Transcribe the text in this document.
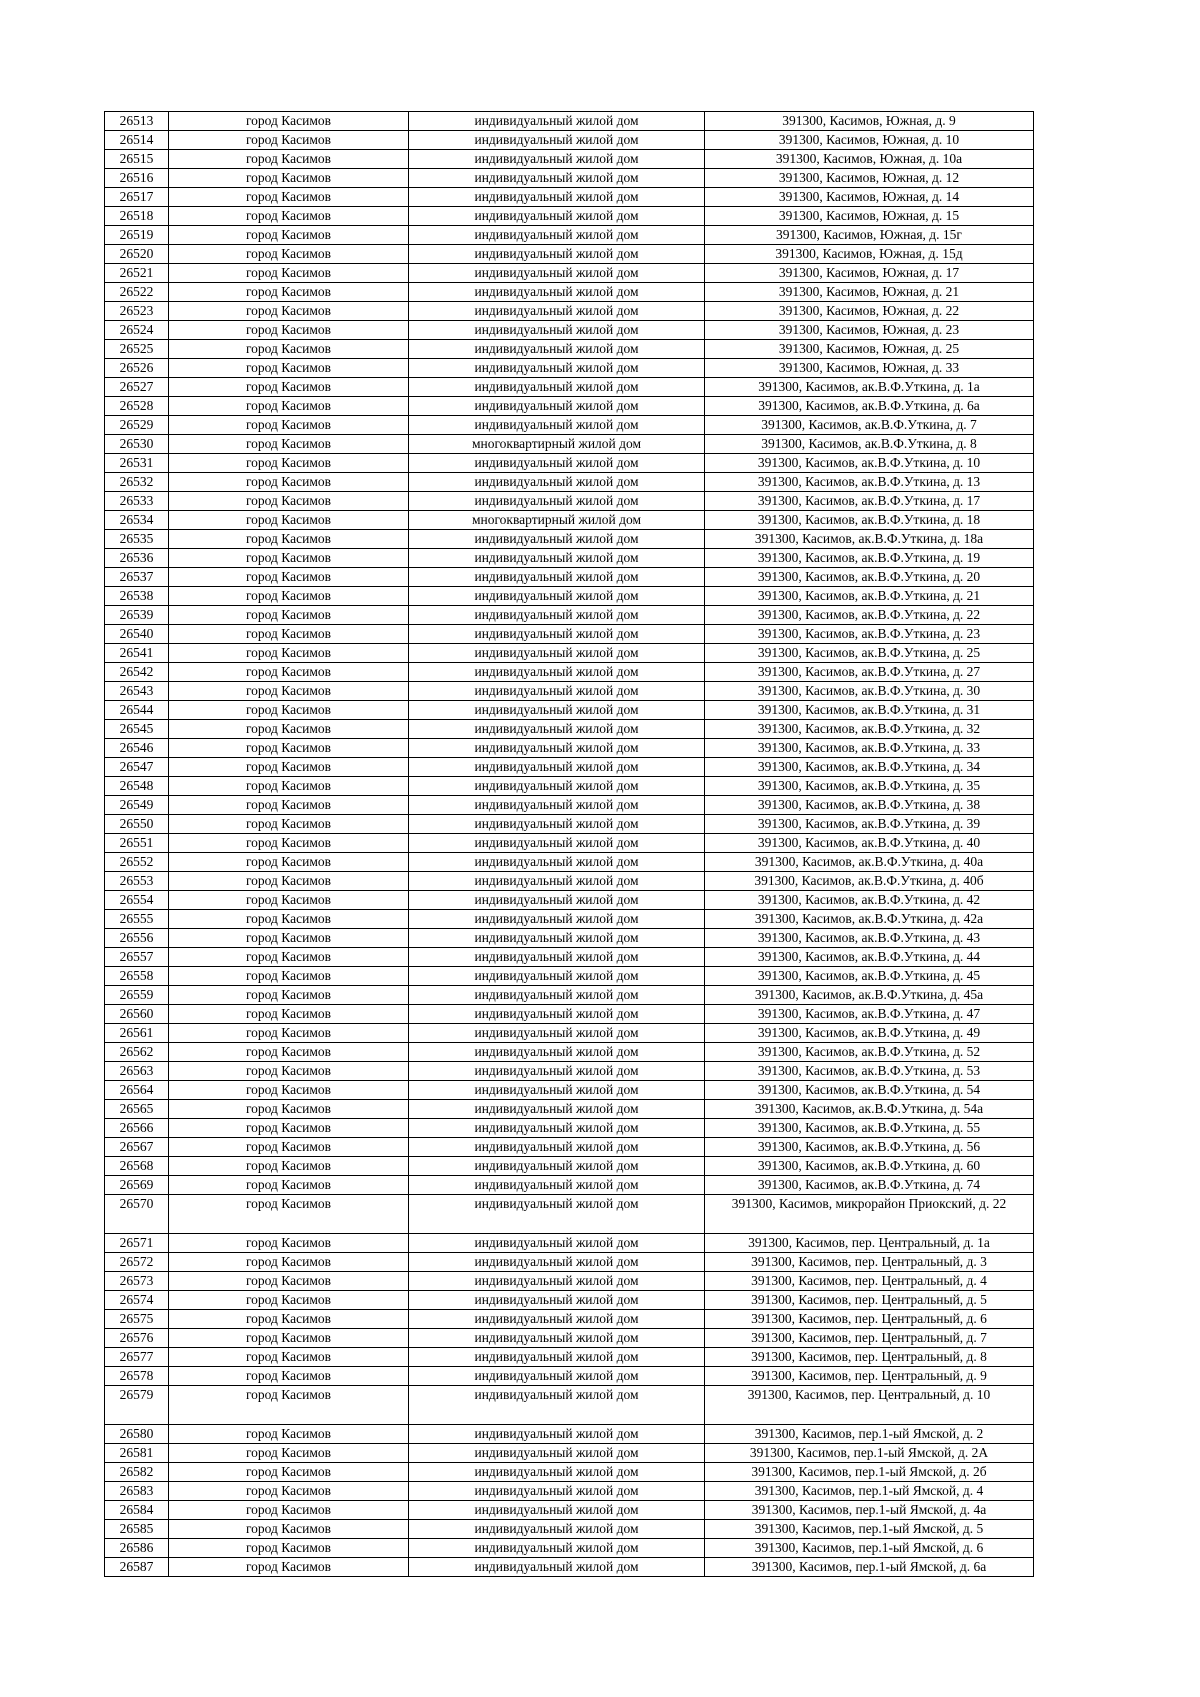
26513	город Касимов	индивидуальный жилой дом	391300, Касимов, Южная, д. 9
26514	город Касимов	индивидуальный жилой дом	391300, Касимов, Южная, д. 10
26515	город Касимов	индивидуальный жилой дом	391300, Касимов, Южная, д. 10а
26516	город Касимов	индивидуальный жилой дом	391300, Касимов, Южная, д. 12
26517	город Касимов	индивидуальный жилой дом	391300, Касимов, Южная, д. 14
26518	город Касимов	индивидуальный жилой дом	391300, Касимов, Южная, д. 15
26519	город Касимов	индивидуальный жилой дом	391300, Касимов, Южная, д. 15г
26520	город Касимов	индивидуальный жилой дом	391300, Касимов, Южная, д. 15д
26521	город Касимов	индивидуальный жилой дом	391300, Касимов, Южная, д. 17
26522	город Касимов	индивидуальный жилой дом	391300, Касимов, Южная, д. 21
26523	город Касимов	индивидуальный жилой дом	391300, Касимов, Южная, д. 22
26524	город Касимов	индивидуальный жилой дом	391300, Касимов, Южная, д. 23
26525	город Касимов	индивидуальный жилой дом	391300, Касимов, Южная, д. 25
26526	город Касимов	индивидуальный жилой дом	391300, Касимов, Южная, д. 33
26527	город Касимов	индивидуальный жилой дом	391300, Касимов, ак.В.Ф.Уткина, д. 1а
26528	город Касимов	индивидуальный жилой дом	391300, Касимов, ак.В.Ф.Уткина, д. 6а
26529	город Касимов	индивидуальный жилой дом	391300, Касимов, ак.В.Ф.Уткина, д. 7
26530	город Касимов	многоквартирный жилой дом	391300, Касимов, ак.В.Ф.Уткина, д. 8
26531	город Касимов	индивидуальный жилой дом	391300, Касимов, ак.В.Ф.Уткина, д. 10
26532	город Касимов	индивидуальный жилой дом	391300, Касимов, ак.В.Ф.Уткина, д. 13
26533	город Касимов	индивидуальный жилой дом	391300, Касимов, ак.В.Ф.Уткина, д. 17
26534	город Касимов	многоквартирный жилой дом	391300, Касимов, ак.В.Ф.Уткина, д. 18
26535	город Касимов	индивидуальный жилой дом	391300, Касимов, ак.В.Ф.Уткина, д. 18а
26536	город Касимов	индивидуальный жилой дом	391300, Касимов, ак.В.Ф.Уткина, д. 19
26537	город Касимов	индивидуальный жилой дом	391300, Касимов, ак.В.Ф.Уткина, д. 20
26538	город Касимов	индивидуальный жилой дом	391300, Касимов, ак.В.Ф.Уткина, д. 21
26539	город Касимов	индивидуальный жилой дом	391300, Касимов, ак.В.Ф.Уткина, д. 22
26540	город Касимов	индивидуальный жилой дом	391300, Касимов, ак.В.Ф.Уткина, д. 23
26541	город Касимов	индивидуальный жилой дом	391300, Касимов, ак.В.Ф.Уткина, д. 25
26542	город Касимов	индивидуальный жилой дом	391300, Касимов, ак.В.Ф.Уткина, д. 27
26543	город Касимов	индивидуальный жилой дом	391300, Касимов, ак.В.Ф.Уткина, д. 30
26544	город Касимов	индивидуальный жилой дом	391300, Касимов, ак.В.Ф.Уткина, д. 31
26545	город Касимов	индивидуальный жилой дом	391300, Касимов, ак.В.Ф.Уткина, д. 32
26546	город Касимов	индивидуальный жилой дом	391300, Касимов, ак.В.Ф.Уткина, д. 33
26547	город Касимов	индивидуальный жилой дом	391300, Касимов, ак.В.Ф.Уткина, д. 34
26548	город Касимов	индивидуальный жилой дом	391300, Касимов, ак.В.Ф.Уткина, д. 35
26549	город Касимов	индивидуальный жилой дом	391300, Касимов, ак.В.Ф.Уткина, д. 38
26550	город Касимов	индивидуальный жилой дом	391300, Касимов, ак.В.Ф.Уткина, д. 39
26551	город Касимов	индивидуальный жилой дом	391300, Касимов, ак.В.Ф.Уткина, д. 40
26552	город Касимов	индивидуальный жилой дом	391300, Касимов, ак.В.Ф.Уткина, д. 40а
26553	город Касимов	индивидуальный жилой дом	391300, Касимов, ак.В.Ф.Уткина, д. 40б
26554	город Касимов	индивидуальный жилой дом	391300, Касимов, ак.В.Ф.Уткина, д. 42
26555	город Касимов	индивидуальный жилой дом	391300, Касимов, ак.В.Ф.Уткина, д. 42а
26556	город Касимов	индивидуальный жилой дом	391300, Касимов, ак.В.Ф.Уткина, д. 43
26557	город Касимов	индивидуальный жилой дом	391300, Касимов, ак.В.Ф.Уткина, д. 44
26558	город Касимов	индивидуальный жилой дом	391300, Касимов, ак.В.Ф.Уткина, д. 45
26559	город Касимов	индивидуальный жилой дом	391300, Касимов, ак.В.Ф.Уткина, д. 45а
26560	город Касимов	индивидуальный жилой дом	391300, Касимов, ак.В.Ф.Уткина, д. 47
26561	город Касимов	индивидуальный жилой дом	391300, Касимов, ак.В.Ф.Уткина, д. 49
26562	город Касимов	индивидуальный жилой дом	391300, Касимов, ак.В.Ф.Уткина, д. 52
26563	город Касимов	индивидуальный жилой дом	391300, Касимов, ак.В.Ф.Уткина, д. 53
26564	город Касимов	индивидуальный жилой дом	391300, Касимов, ак.В.Ф.Уткина, д. 54
26565	город Касимов	индивидуальный жилой дом	391300, Касимов, ак.В.Ф.Уткина, д. 54а
26566	город Касимов	индивидуальный жилой дом	391300, Касимов, ак.В.Ф.Уткина, д. 55
26567	город Касимов	индивидуальный жилой дом	391300, Касимов, ак.В.Ф.Уткина, д. 56
26568	город Касимов	индивидуальный жилой дом	391300, Касимов, ак.В.Ф.Уткина, д. 60
26569	город Касимов	индивидуальный жилой дом	391300, Касимов, ак.В.Ф.Уткина, д. 74
26570	город Касимов	индивидуальный жилой дом	391300, Касимов, микрорайон Приокский, д. 22
26571	город Касимов	индивидуальный жилой дом	391300, Касимов, пер. Центральный, д. 1а
26572	город Касимов	индивидуальный жилой дом	391300, Касимов, пер. Центральный, д. 3
26573	город Касимов	индивидуальный жилой дом	391300, Касимов, пер. Центральный, д. 4
26574	город Касимов	индивидуальный жилой дом	391300, Касимов, пер. Центральный, д. 5
26575	город Касимов	индивидуальный жилой дом	391300, Касимов, пер. Центральный, д. 6
26576	город Касимов	индивидуальный жилой дом	391300, Касимов, пер. Центральный, д. 7
26577	город Касимов	индивидуальный жилой дом	391300, Касимов, пер. Центральный, д. 8
26578	город Касимов	индивидуальный жилой дом	391300, Касимов, пер. Центральный, д. 9
26579	город Касимов	индивидуальный жилой дом	391300, Касимов, пер. Центральный, д. 10
26580	город Касимов	индивидуальный жилой дом	391300, Касимов, пер.1-ый Ямской, д. 2
26581	город Касимов	индивидуальный жилой дом	391300, Касимов, пер.1-ый Ямской, д. 2А
26582	город Касимов	индивидуальный жилой дом	391300, Касимов, пер.1-ый Ямской, д. 2б
26583	город Касимов	индивидуальный жилой дом	391300, Касимов, пер.1-ый Ямской, д. 4
26584	город Касимов	индивидуальный жилой дом	391300, Касимов, пер.1-ый Ямской, д. 4а
26585	город Касимов	индивидуальный жилой дом	391300, Касимов, пер.1-ый Ямской, д. 5
26586	город Касимов	индивидуальный жилой дом	391300, Касимов, пер.1-ый Ямской, д. 6
26587	город Касимов	индивидуальный жилой дом	391300, Касимов, пер.1-ый Ямской, д. 6а
